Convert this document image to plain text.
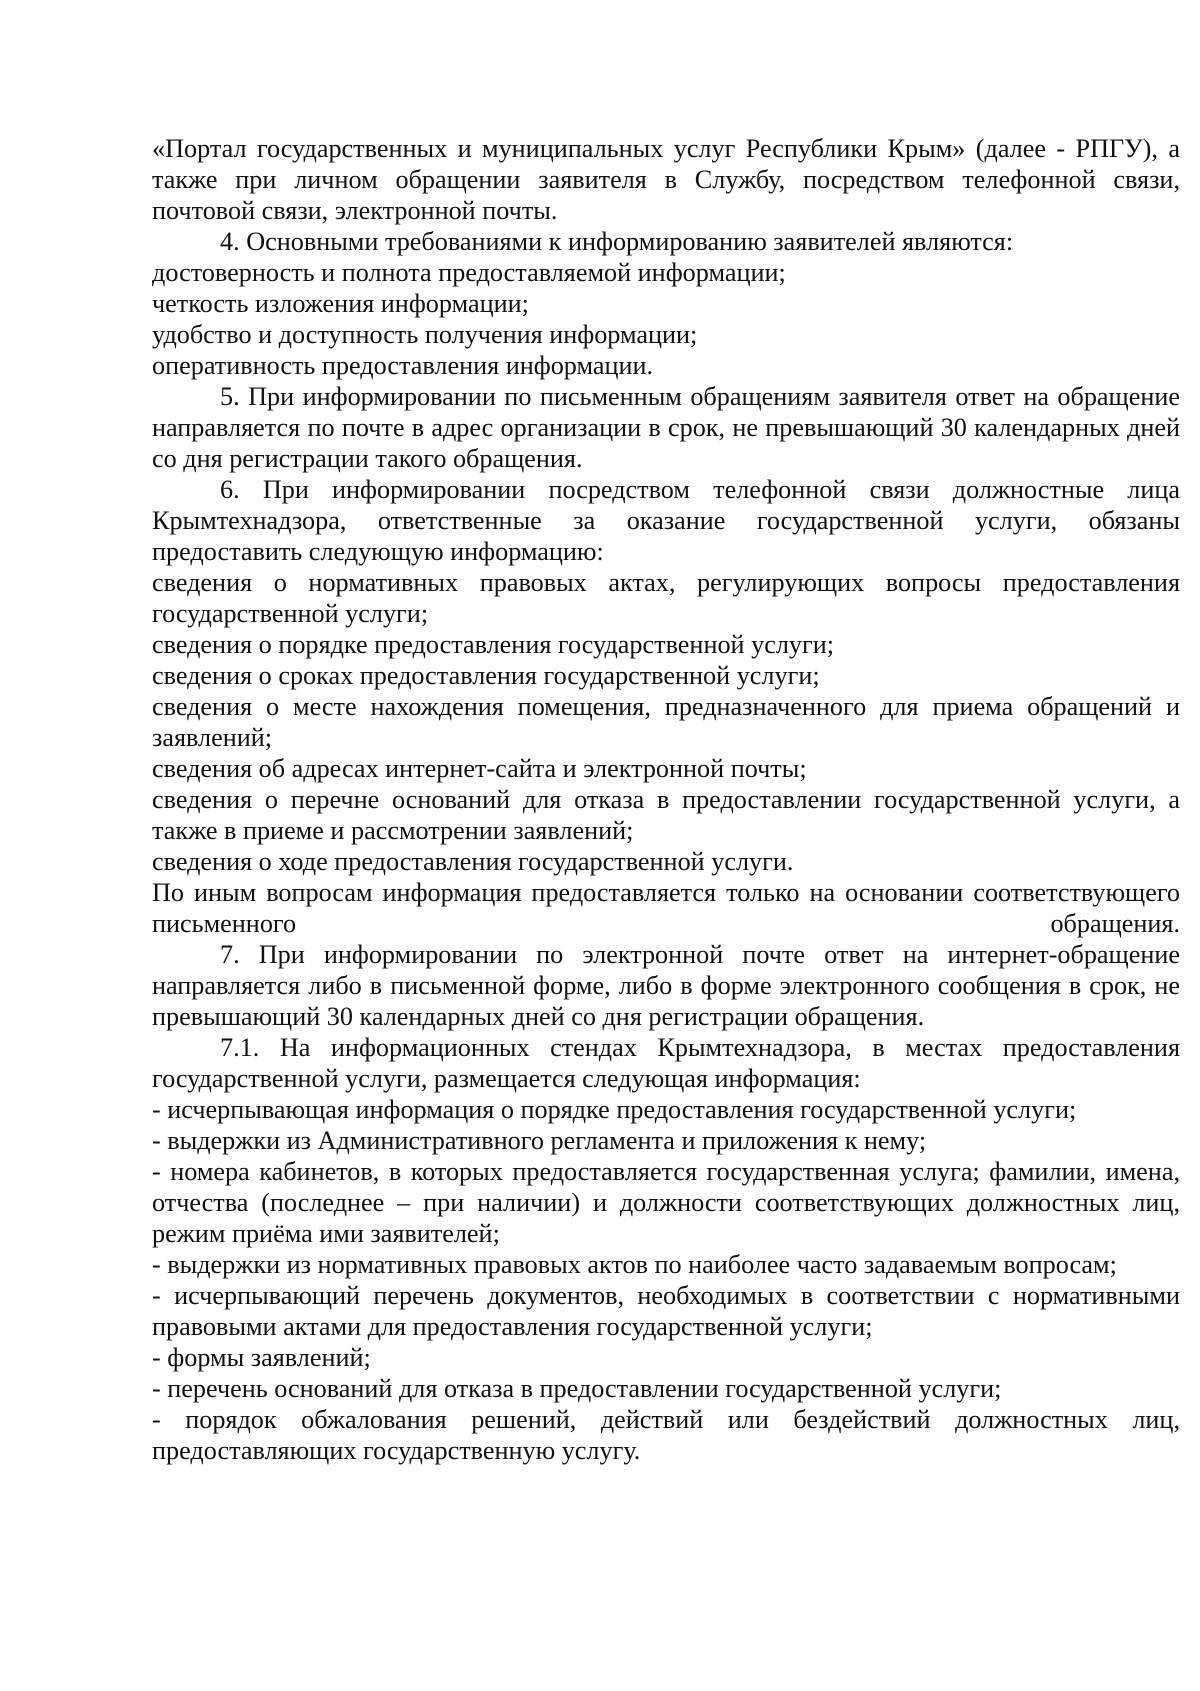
«Портал государственных и муниципальных услуг Республики Крым» (далее - РПГУ), а также при личном обращении заявителя в Службу, посредством телефонной связи, почтовой связи, электронной почты.

4. Основными требованиями к информированию заявителей являются:

достоверность и полнота предоставляемой информации;

четкость изложения информации;

удобство и доступность получения информации;

оперативность предоставления информации.

5. При информировании по письменным обращениям заявителя ответ на обращение направляется по почте в адрес организации в срок, не превышающий 30 календарных дней со дня регистрации такого обращения.

6. При информировании посредством телефонной связи должностные лица Крымтехнадзора, ответственные за оказание государственной услуги, обязаны предоставить следующую информацию:

сведения о нормативных правовых актах, регулирующих вопросы предоставления государственной услуги;

сведения о порядке предоставления государственной услуги;

сведения о сроках предоставления государственной услуги;

сведения о месте нахождения помещения, предназначенного для приема обращений и заявлений;

сведения об адресах интернет-сайта и электронной почты;

сведения о перечне оснований для отказа в предоставлении государственной услуги, а также в приеме и рассмотрении заявлений;

сведения о ходе предоставления государственной услуги.

По иным вопросам информация предоставляется только на основании соответствующего письменного обращения.

7. При информировании по электронной почте ответ на интернет-обращение направляется либо в письменной форме, либо в форме электронного сообщения в срок, не превышающий 30 календарных дней со дня регистрации обращения.

7.1. На информационных стендах Крымтехнадзора, в местах предоставления государственной услуги, размещается следующая информация:

- исчерпывающая информация о порядке предоставления государственной услуги;

- выдержки из Административного регламента и приложения к нему;

- номера кабинетов, в которых предоставляется государственная услуга; фамилии, имена, отчества (последнее – при наличии) и должности соответствующих должностных лиц, режим приёма ими заявителей;

- выдержки из нормативных правовых актов по наиболее часто задаваемым вопросам;

- исчерпывающий перечень документов, необходимых в соответствии с нормативными правовыми актами для предоставления государственной услуги;

- формы заявлений;

- перечень оснований для отказа в предоставлении государственной услуги;

- порядок обжалования решений, действий или бездействий должностных лиц, предоставляющих государственную услугу.
